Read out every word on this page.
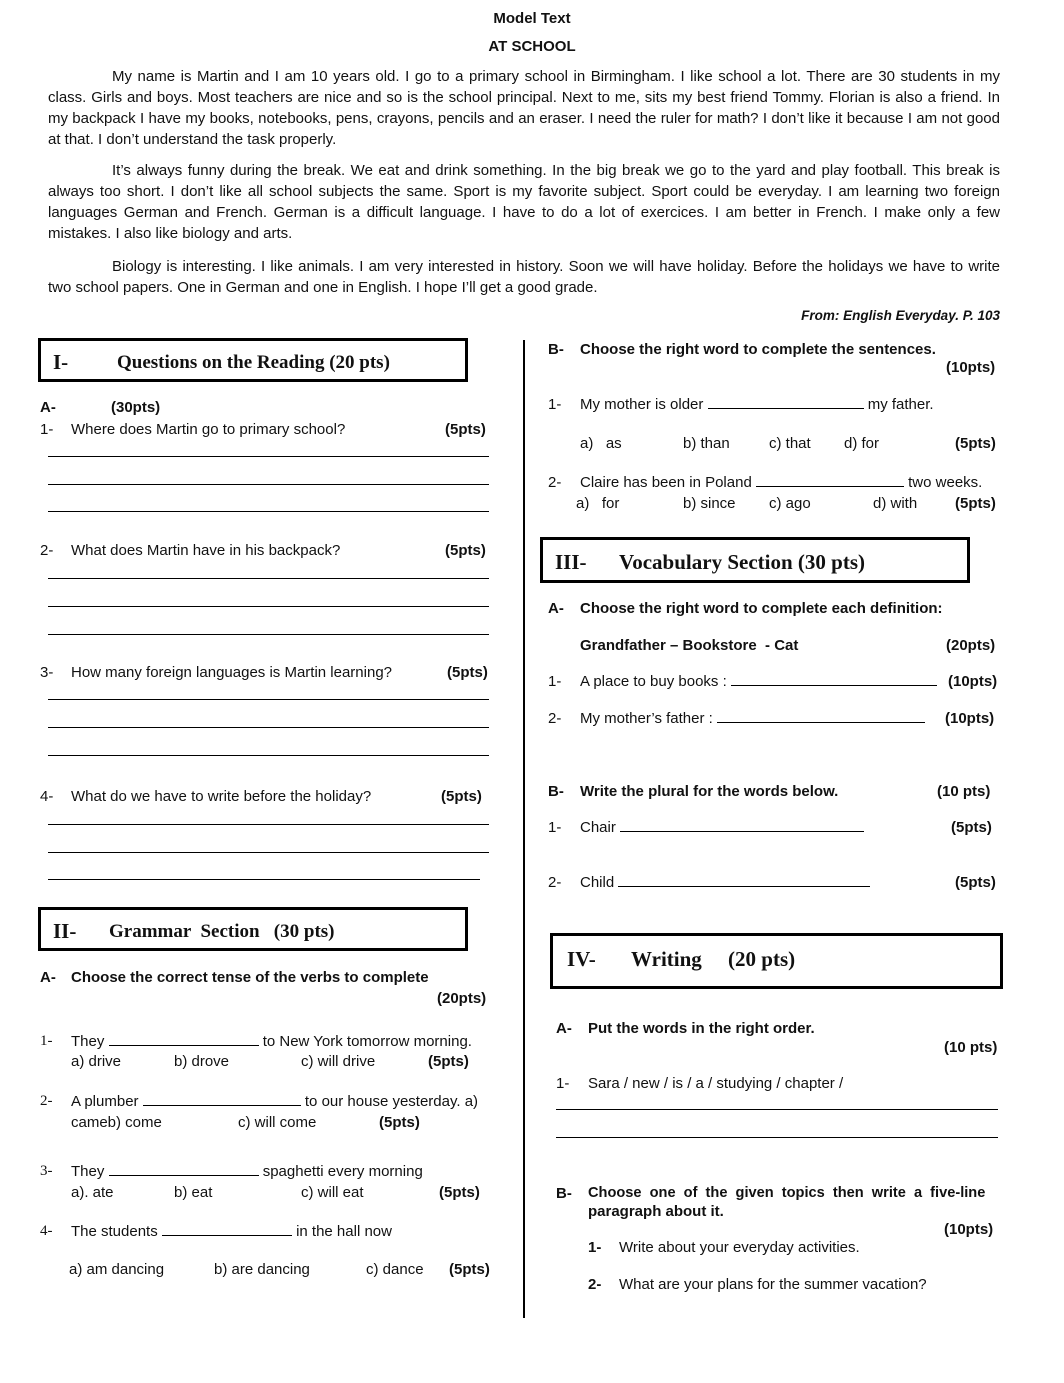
Model Text
AT SCHOOL
My name is Martin and I am 10 years old. I go to a primary school in Birmingham. I like school a lot. There are 30 students in my class. Girls and boys. Most teachers are nice and so is the school principal. Next to me, sits my best friend Tommy. Florian is also a friend. In my backpack I have my books, notebooks, pens, crayons, pencils and an eraser. I need the ruler for math? I don’t like it because I am not good at that. I don’t understand the task properly.
It’s always funny during the break. We eat and drink something. In the big break we go to the yard and play football. This break is always too short. I don’t like all school subjects the same. Sport is my favorite subject. Sport could be everyday. I am learning two foreign languages German and French. German is a difficult language. I have to do a lot of exercices. I am better in French. I make only a few mistakes. I also like biology and arts.
Biology is interesting. I like animals. I am very interested in history. Soon we will have holiday. Before the holidays we have to write two school papers. One in German and one in English. I hope I’ll get a good grade.
From: English Everyday. P. 103
I-	Questions on the Reading (20 pts)
A-	(30pts)
1- Where does Martin go to primary school?	(5pts)
2- What does Martin have in his backpack?	(5pts)
3- How many foreign languages is Martin learning?	(5pts)
4- What do we have to write before the holiday?	(5pts)
II- Grammar  Section   (30 pts)
A- Choose the correct tense of the verbs to complete
(20pts)
1- They	to New York tomorrow morning.
a) drive	b) drove	c) will drive	(5pts)
2- A plumber	to our house yesterday. a)
cameb) come	c) will come	(5pts)
3- They	spaghetti every morning
a). ate	b) eat	c) will eat	(5pts)
4- The students	in the hall now
a) am dancing	b) are dancing	c) dance (5pts)
B- Choose the right word to complete the sentences.
(10pts)
1- My mother is older	my father.
a)   as	b) than	c) that d) for	(5pts)
2- Claire has been in Poland	two weeks.
a)   for	b) since c) ago	d) with	(5pts)
III- Vocabulary Section (30 pts)
A- Choose the right word to complete each definition:
Grandfather – Bookstore  - Cat	(20pts)
1- A place to buy books :	(10pts)
2- My mother’s father :	(10pts)
B- Write the plural for the words below.	(10 pts)
1- Chair	(5pts)
2- Child	(5pts)
IV- Writing     (20 pts)
A- Put the words in the right order.
(10 pts)
1- Sara / new / is / a / studying / chapter /
B- Choose  one  of  the  given  topics  then  write  a  five-line
paragraph about it.
(10pts)
1- Write about your everyday activities.
2- What are your plans for the summer vacation?
